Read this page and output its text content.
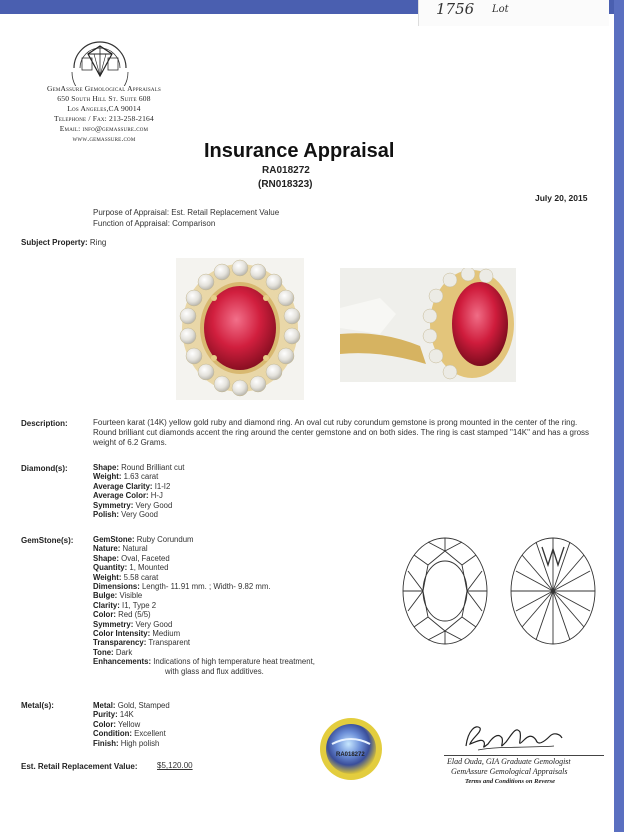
1756 Lot
GemAssure Gemological Appraisals
650 South Hill St. Suite 608
Los Angeles,CA 90014
Telephone / Fax: 213-258-2164
Email: info@gemassure.com
www.gemassure.com
Insurance Appraisal
RA018272
(RN018323)
July 20, 2015
Purpose of Appraisal: Est. Retail Replacement Value
Function of Appraisal: Comparison
Subject Property: Ring
Description:	Fourteen karat (14K) yellow gold ruby and diamond ring. An oval cut ruby corundum gemstone is prong mounted in the center of the ring. Round brilliant cut diamonds accent the ring around the center gemstone and on both sides. The ring is cast stamped "14K" and has a gross weight of 6.2 Grams.
Diamond(s):	Shape: Round Brilliant cut
Weight: 1.63 carat
Average Clarity: I1-I2
Average Color: H-J
Symmetry: Very Good
Polish: Very Good
GemStone(s):	GemStone: Ruby Corundum
Nature: Natural
Shape: Oval, Faceted
Quantity: 1, Mounted
Weight: 5.58 carat
Dimensions: Length- 11.91 mm. ; Width- 9.82 mm.
Bulge: Visible
Clarity: I1, Type 2
Color: Red (5/5)
Symmetry: Very Good
Color Intensity: Medium
Transparency: Transparent
Tone: Dark
Enhancements: Indications of high temperature heat treatment,
with glass and flux additives.
Metal(s):	Metal: Gold, Stamped
Purity: 14K
Color: Yellow
Condition: Excellent
Finish: High polish
RA018272
Est. Retail Replacement Value: $5,120.00	Elad Ouda, GIA Graduate Gemologist
GemAssure Gemological Appraisals
Terms and Conditions on Reverse
